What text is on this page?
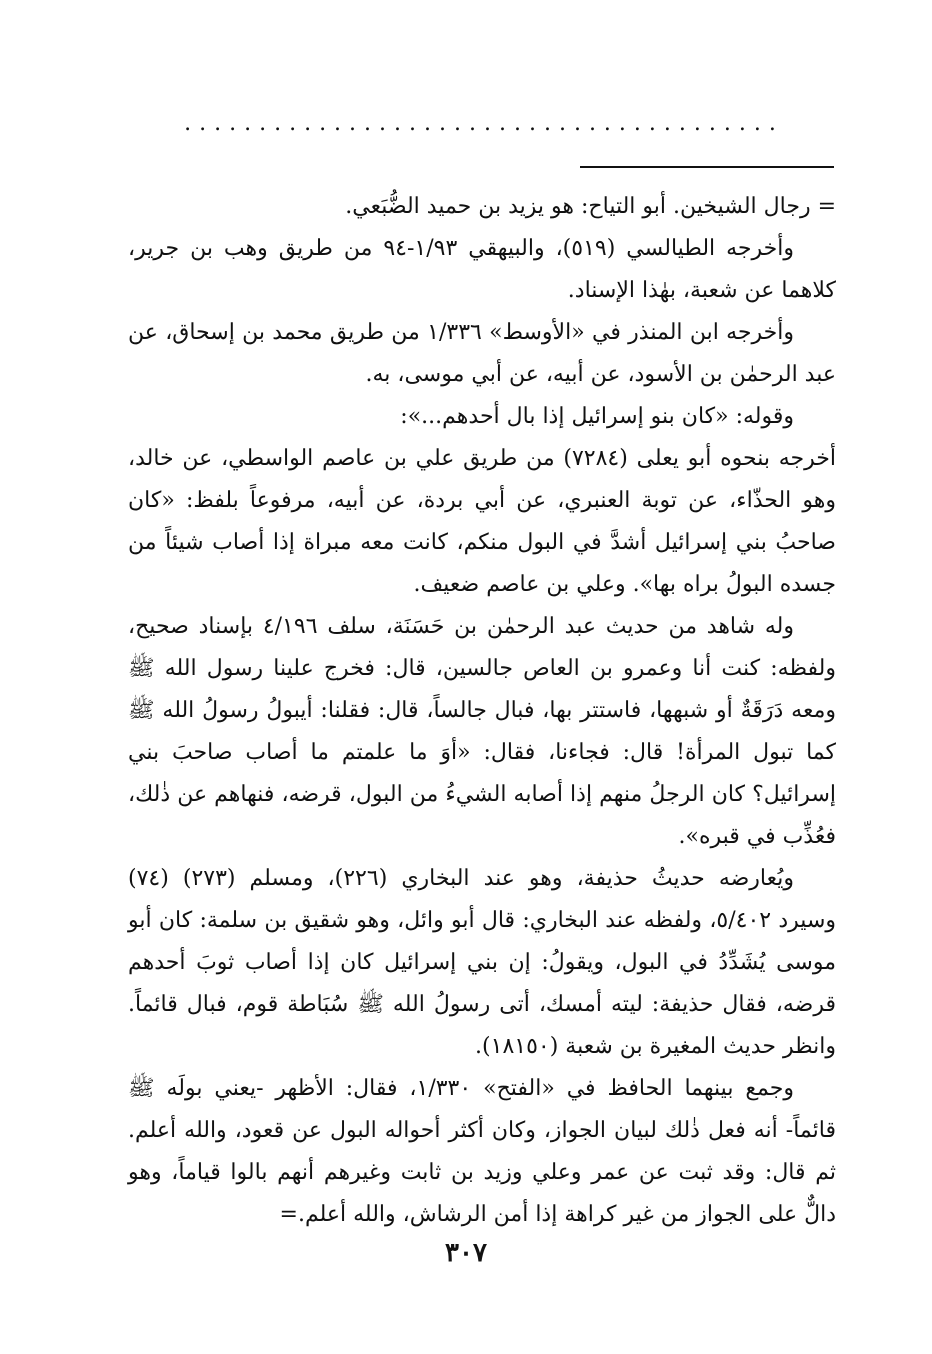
........................................

= رجال الشيخين. أبو التياح: هو يزيد بن حميد الضُّبَعي.

وأخرجه الطيالسي (٥١٩)، والبيهقي ١/٩٣-٩٤ من طريق وهب بن جرير، كلاهما عن شعبة، بهٰذا الإسناد.

وأخرجه ابن المنذر في «الأوسط» ١/٣٣٦ من طريق محمد بن إسحاق، عن عبد الرحمٰن بن الأسود، عن أبيه، عن أبي موسى، به.

وقوله: «كان بنو إسرائيل إذا بال أحدهم...»:

أخرجه بنحوه أبو يعلى (٧٢٨٤) من طريق علي بن عاصم الواسطي، عن خالد، وهو الحذّاء، عن توبة العنبري، عن أبي بردة، عن أبيه، مرفوعاً بلفظ: «كان صاحبُ بني إسرائيل أشدَّ في البول منكم، كانت معه مبراة إذا أصاب شيئاً من جسده البولُ براه بها». وعلي بن عاصم ضعيف.

وله شاهد من حديث عبد الرحمٰن بن حَسَنَة، سلف ٤/١٩٦ بإسناد صحيح، ولفظه: كنت أنا وعمرو بن العاص جالسين، قال: فخرج علينا رسول الله ﷺ ومعه دَرَقَةٌ أو شبهها، فاستتر بها، فبال جالساً، قال: فقلنا: أيبولُ رسولُ الله ﷺ كما تبول المرأة! قال: فجاءنا، فقال: «أوَ ما علمتم ما أصاب صاحبَ بني إسرائيل؟ كان الرجلُ منهم إذا أصابه الشيءُ من البول، قرضه، فنهاهم عن ذٰلك، فعُذِّب في قبره».

ويُعارضه حديثُ حذيفة، وهو عند البخاري (٢٢٦)، ومسلم (٢٧٣) (٧٤) وسيرد ٥/٤٠٢، ولفظه عند البخاري: قال أبو وائل، وهو شقيق بن سلمة: كان أبو موسى يُشَدِّدُ في البول، ويقولُ: إن بني إسرائيل كان إذا أصاب ثوبَ أحدهم قرضه، فقال حذيفة: ليته أمسك، أتى رسولُ الله ﷺ سُبَاطة قوم، فبال قائماً. وانظر حديث المغيرة بن شعبة (١٨١٥٠).

وجمع بينهما الحافظ في «الفتح» ١/٣٣٠، فقال: الأظهر -يعني بولَه ﷺ قائماً- أنه فعل ذٰلك لبيان الجواز، وكان أكثر أحواله البول عن قعود، والله أعلم. ثم قال: وقد ثبت عن عمر وعلي وزيد بن ثابت وغيرهم أنهم بالوا قياماً، وهو دالٌّ على الجواز من غير كراهة إذا أمن الرشاش، والله أعلم.=

٣٠٧
